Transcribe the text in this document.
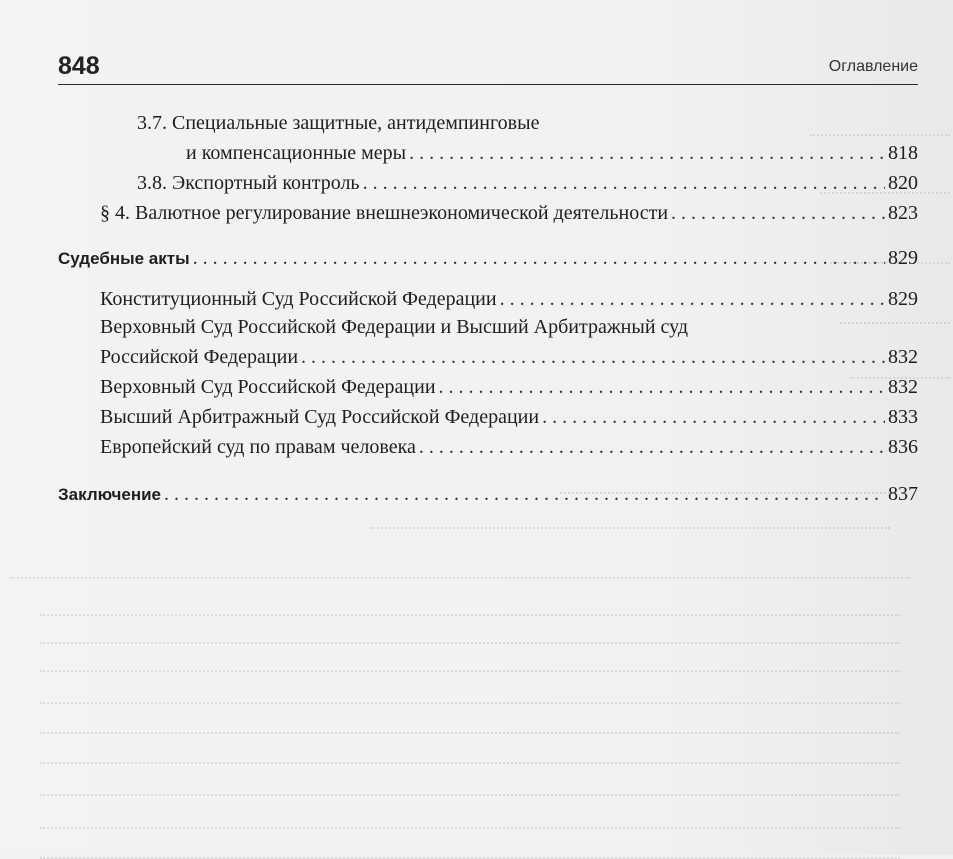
848	Оглавление
3.7. Специальные защитные, антидемпинговые
и компенсационные меры . . .	818
3.8. Экспортный контроль . . .	820
§ 4. Валютное регулирование внешнеэкономической деятельности . . .	823
Судебные акты . . .	829
Конституционный Суд Российской Федерации . . .	829
Верховный Суд Российской Федерации и Высший Арбитражный суд
Российской Федерации . . .	832
Верховный Суд Российской Федерации . . .	832
Высший Арбитражный Суд Российской Федерации . . .	833
Европейский суд по правам человека . . .	836
Заключение . . .	837
